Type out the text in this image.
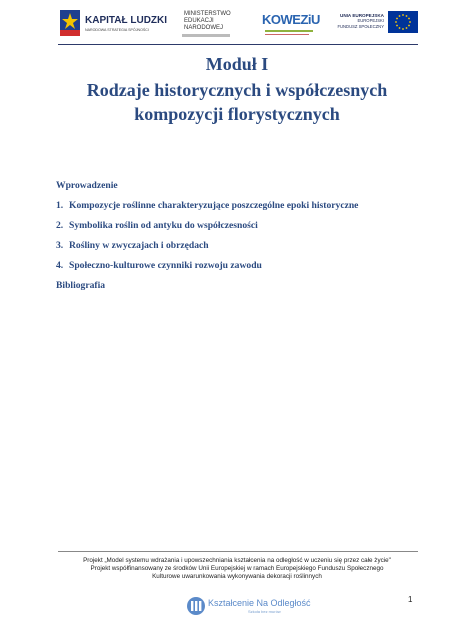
KAPITAŁ LUDZKI
NARODOWA STRATEGIA SPÓJNOŚCI
MINISTERSTWO
EDUKACJI
NARODOWEJ
KOWEZiU	UNIA EUROPEJSKA
EUROPEJSKI
FUNDUSZ SPOŁECZNY
Moduł I
Rodzaje historycznych i współczesnych
kompozycji florystycznych
Wprowadzenie
1. Kompozycje roślinne charakteryzujące poszczególne epoki historyczne
2. Symbolika roślin od antyku do współczesności
3. Rośliny w zwyczajach i obrzędach
4. Społeczno-kulturowe czynniki rozwoju zawodu
Bibliografia
Projekt „Model systemu wdrażania i upowszechniania kształcenia na odległość w uczeniu się przez całe życie"
Projekt współfinansowany ze środków Unii Europejskiej w ramach Europejskiego Funduszu Społecznego
Kulturowe uwarunkowania wykonywania dekoracji roślinnych
Kształcenie Na Odległość
Szkoła bez murów
1
